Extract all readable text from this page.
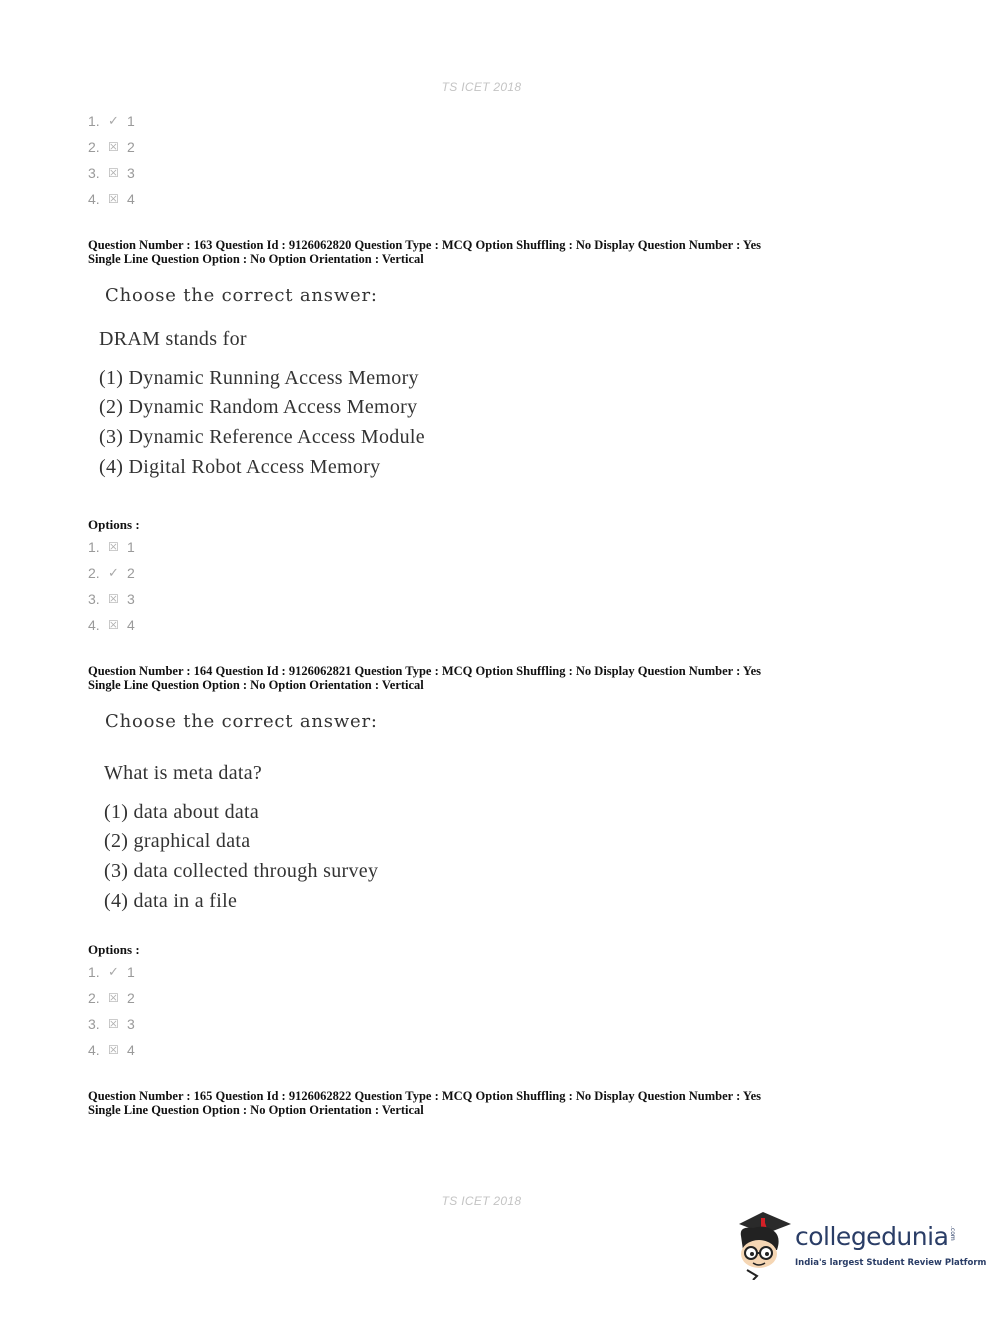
TS ICET 2018
1. ✓ 1
2. ☒ 2
3. ☒ 3
4. ☒ 4
Question Number : 163 Question Id : 9126062820 Question Type : MCQ Option Shuffling : No Display Question Number : Yes
Single Line Question Option : No Option Orientation : Vertical
Choose the correct answer:
DRAM stands for
(1) Dynamic Running Access Memory
(2) Dynamic Random Access Memory
(3) Dynamic Reference Access Module
(4) Digital Robot Access Memory
Options :
1. ☒ 1
2. ✓ 2
3. ☒ 3
4. ☒ 4
Question Number : 164 Question Id : 9126062821 Question Type : MCQ Option Shuffling : No Display Question Number : Yes
Single Line Question Option : No Option Orientation : Vertical
Choose the correct answer:
What is meta data?
(1) data about data
(2) graphical data
(3) data collected through survey
(4) data in a file
Options :
1. ✓ 1
2. ☒ 2
3. ☒ 3
4. ☒ 4
Question Number : 165 Question Id : 9126062822 Question Type : MCQ Option Shuffling : No Display Question Number : Yes
Single Line Question Option : No Option Orientation : Vertical
TS ICET 2018
collegedunia .com
India's largest Student Review Platform
